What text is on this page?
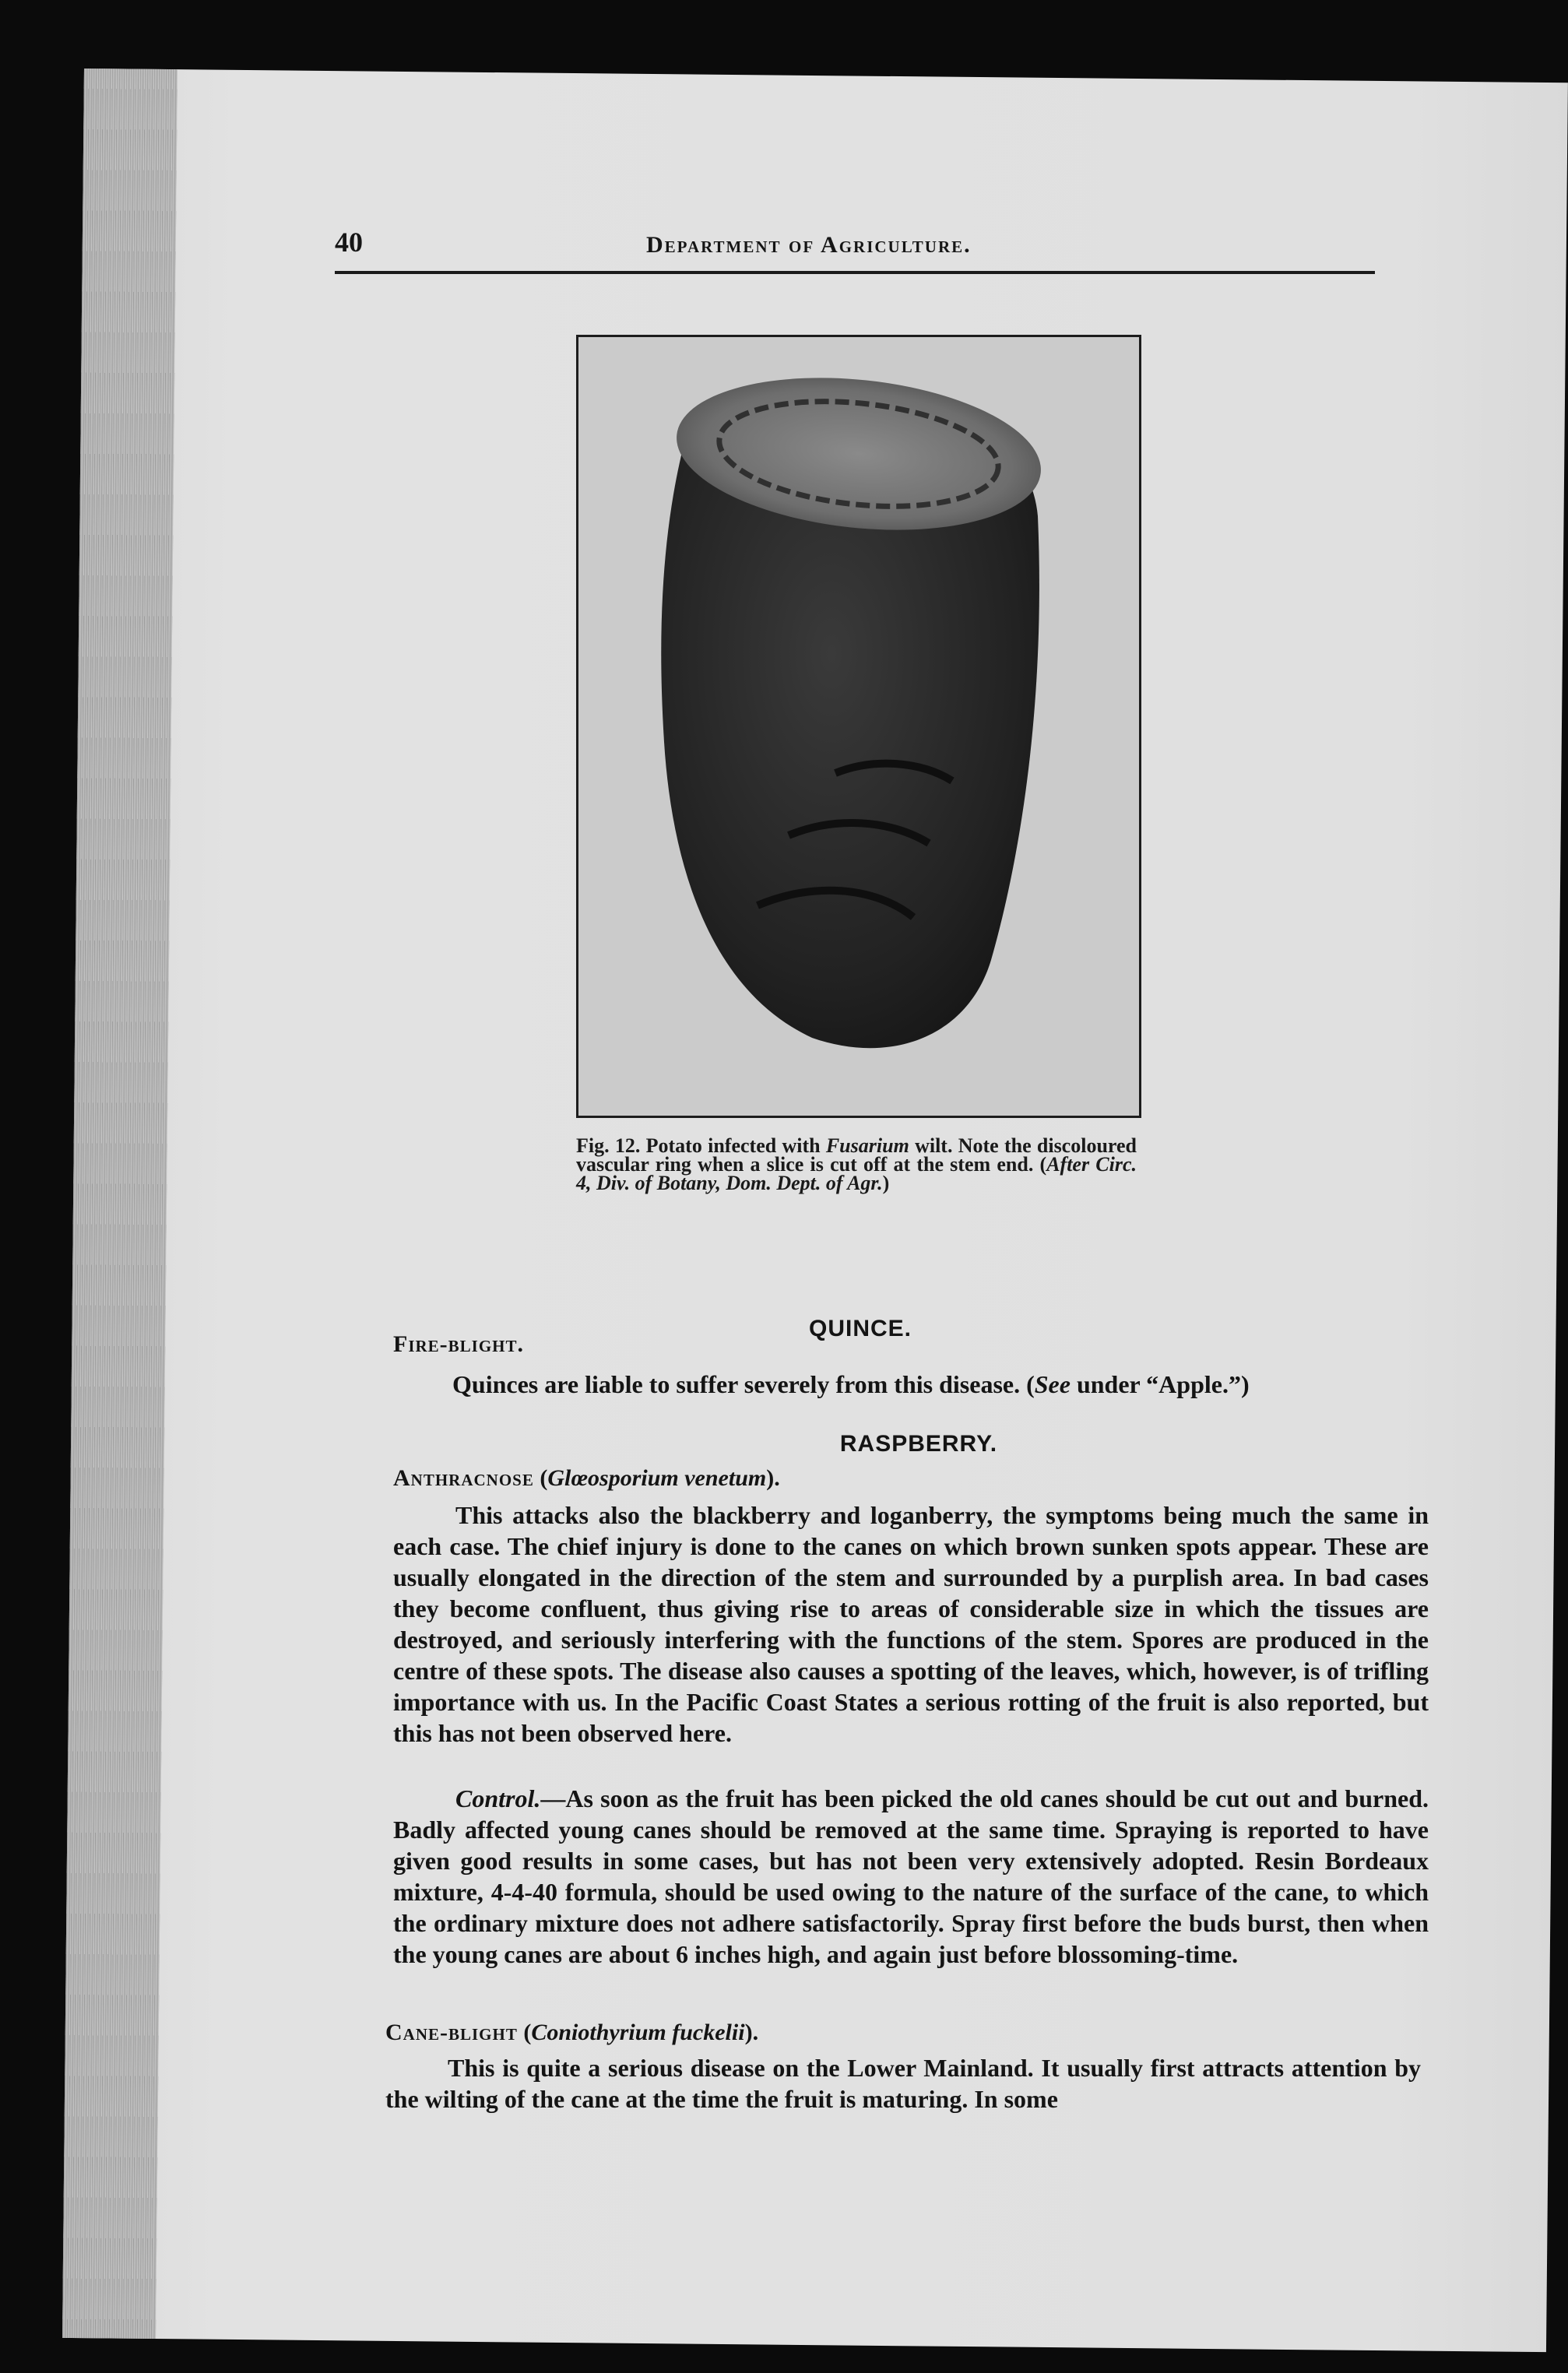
40	Department of Agriculture.
Fig. 12. Potato infected with Fusarium wilt. Note the discoloured vascular ring when a slice is cut off at the stem end. (After Circ. 4, Div. of Botany, Dom. Dept. of Agr.)
QUINCE.
Fire-blight.
Quinces are liable to suffer severely from this disease. (See under “Apple.”)
RASPBERRY.
Anthracnose (Glœosporium venetum).
This attacks also the blackberry and loganberry, the symptoms being much the same in each case. The chief injury is done to the canes on which brown sunken spots appear. These are usually elongated in the direction of the stem and surrounded by a purplish area. In bad cases they become confluent, thus giving rise to areas of considerable size in which the tissues are destroyed, and seriously interfering with the functions of the stem. Spores are produced in the centre of these spots. The disease also causes a spotting of the leaves, which, however, is of trifling importance with us. In the Pacific Coast States a serious rotting of the fruit is also reported, but this has not been observed here.
Control.—As soon as the fruit has been picked the old canes should be cut out and burned. Badly affected young canes should be removed at the same time. Spraying is reported to have given good results in some cases, but has not been very extensively adopted. Resin Bordeaux mixture, 4-4-40 formula, should be used owing to the nature of the surface of the cane, to which the ordinary mixture does not adhere satisfactorily. Spray first before the buds burst, then when the young canes are about 6 inches high, and again just before blossoming-time.
Cane-blight (Coniothyrium fuckelii).
This is quite a serious disease on the Lower Mainland. It usually first attracts attention by the wilting of the cane at the time the fruit is maturing. In some
